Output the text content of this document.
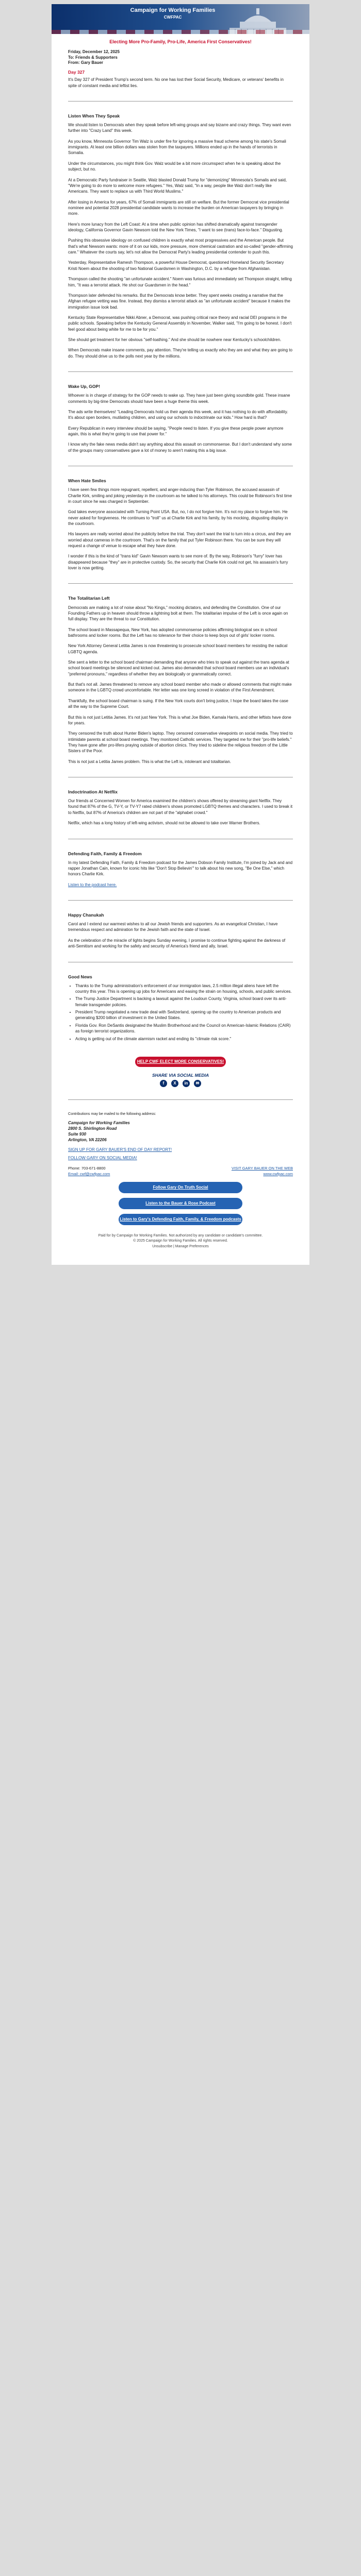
Campaign for Working Families
CWFPAC
Electing More Pro-Family, Pro-Life, America First Conservatives!
Friday, December 12, 2025
To: Friends & Supporters
From: Gary Bauer
Day 327

It's Day 327 of President Trump's second term. No one has lost their Social Security, Medicare, or veterans' benefits in spite of constant media and leftist lies.

Listen When They Speak

We should listen to Democrats when they speak before left-wing groups and say bizarre and crazy things. They want even further into "Crazy Land" this week.

As you know, Minnesota Governor Tim Walz is under fire for ignoring a massive fraud scheme among his state's Somali immigrants. At least one billion dollars was stolen from the taxpayers. Millions ended up in the hands of terrorists in Somalia.

Under the circumstances, you might think Gov. Walz would be a bit more circumspect when he is speaking about the subject, but no.

At a Democratic Party fundraiser in Seattle, Walz blasted Donald Trump for "demonizing" Minnesota's Somalis and said, "We're going to do more to welcome more refugees." Yes, Walz said, "In a way, people like Walz don't really like Americans. They want to replace us with Third World Muslims."

After losing in America for years, 67% of Somali immigrants are still on welfare. But the former Democrat vice presidential nominee and potential 2028 presidential candidate wants to increase the burden on American taxpayers by bringing in more.

Here's more lunacy from the Left Coast: At a time when public opinion has shifted dramatically against transgender ideology, California Governor Gavin Newsom told the New York Times, "I want to see (trans) face-to-face." Disgusting.

Pushing this obsessive ideology on confused children is exactly what most progressives and the American people. But that's what Newsom wants: more of it on our kids, more pressure, more chemical castration and so-called "gender-affirming care." Whatever the courts say, let's not allow the Democrat Party's leading presidential contender to push this.

Yesterday, Representative Ramesh Thompson, a powerful House Democrat, questioned Homeland Security Secretary Kristi Noem about the shooting of two National Guardsmen in Washington, D.C. by a refugee from Afghanistan.

Thompson called the shooting "an unfortunate accident." Noem was furious and immediately set Thompson straight, telling him, "It was a terrorist attack. He shot our Guardsmen in the head."

Thompson later defended his remarks. But the Democrats know better. They spent weeks creating a narrative that the Afghan refugee vetting was fine. Instead, they dismiss a terrorist attack as "an unfortunate accident" because it makes the immigration issue look bad.

Kentucky State Representative Nikki Abner, a Democrat, was pushing critical race theory and racial DEI programs in the public schools. Speaking before the Kentucky General Assembly in November, Walker said, "I'm going to be honest. I don't feel good about being white for me to be for you."

She should get treatment for her obvious "self-loathing." And she should be nowhere near Kentucky's schoolchildren.

When Democrats make insane comments, pay attention. They're telling us exactly who they are and what they are going to do. They should drive us to the polls next year by the millions.

Wake Up, GOP!

Whoever is in charge of strategy for the GOP needs to wake up. They have just been giving soundbite gold. These insane comments by big-time Democrats should have been a huge theme this week.

The ads write themselves! "Leading Democrats hold us their agenda this week, and it has nothing to do with affordability. It's about open borders, mutilating children, and using our schools to indoctrinate our kids." How hard is that?

Every Republican in every interview should be saying, "People need to listen. If you give these people power anymore again, this is what they're going to use that power for."

I know why the fake news media didn't say anything about this assault on commonsense. But I don't understand why some of the groups many conservatives gave a lot of money to aren't making this a big issue.

When Hate Smiles

I have seen few things more repugnant, repellent, and anger-inducing than Tyler Robinson, the accused assassin of Charlie Kirk, smiling and joking yesterday in the courtroom as he talked to his attorneys. This could be Robinson's first time in court since he was charged in September.

God takes everyone associated with Turning Point USA. But, no, I do not forgive him. It's not my place to forgive him. He never asked for forgiveness. He continues to "troll" us at Charlie Kirk and his family, by his mocking, disgusting display in the courtroom.

His lawyers are really worried about the publicity before the trial. They don't want the trial to turn into a circus, and they are worried about cameras in the courtroom. That's on the family that put Tyler Robinson there. You can be sure they will request a change of venue to escape what they have done.

I wonder if this is the kind of "trans kid" Gavin Newsom wants to see more of. By the way, Robinson's "furry" lover has disappeared because "they" are in protective custody. So, the security that Charlie Kirk could not get, his assassin's furry lover is now getting.

The Totalitarian Left

Democrats are making a lot of noise about "No Kings," mocking dictators, and defending the Constitution. One of our Founding Fathers up in heaven should throw a lightning bolt at them. The totalitarian impulse of the Left is once again on full display. They are the threat to our Constitution.

The school board in Massapequa, New York, has adopted commonsense policies affirming biological sex in school bathrooms and locker rooms. But the Left has no tolerance for their choice to keep boys out of girls' locker rooms.

New York Attorney General Letitia James is now threatening to prosecute school board members for resisting the radical LGBTQ agenda.

She sent a letter to the school board chairman demanding that anyone who tries to speak out against the trans agenda at school board meetings be silenced and kicked out. James also demanded that school board members use an individual's "preferred pronouns," regardless of whether they are biologically or grammatically correct.

But that's not all. James threatened to remove any school board member who made or allowed comments that might make someone in the LGBTQ crowd uncomfortable. Her letter was one long screed in violation of the First Amendment.

Thankfully, the school board chairman is suing. If the New York courts don't bring justice, I hope the board takes the case all the way to the Supreme Court.

But this is not just Letitia James. It's not just New York. This is what Joe Biden, Kamala Harris, and other leftists have done for years.

They censored the truth about Hunter Biden's laptop. They censored conservative viewpoints on social media. They tried to intimidate parents at school board meetings. They monitored Catholic services. They targeted me for their "pro-life beliefs." They have gone after pro-lifers praying outside of abortion clinics. They tried to sideline the religious freedom of the Little Sisters of the Poor.

This is not just a Letitia James problem. This is what the Left is, intolerant and totalitarian.

Indoctrination At Netflix

Our friends at Concerned Women for America examined the children's shows offered by streaming giant Netflix. They found that 87% of the G, TV-Y, or TV-Y7 rated children's shows promoted LGBTQ themes and characters. I used to break it to Netflix, but 87% of America's children are not part of the "alphabet crowd."

Netflix, which has a long history of left-wing activism, should not be allowed to take over Warner Brothers.

Defending Faith, Family & Freedom

In my latest Defending Faith, Family & Freedom podcast for the James Dobson Family Institute, I'm joined by Jack and and rapper Jonathan Cain, known for iconic hits like "Don't Stop Believin'" to talk about his new song, "Be One Else," which honors Charlie Kirk.

Listen to the podcast here.
Happy Chanukah

Carol and I extend our warmest wishes to all our Jewish friends and supporters. As an evangelical Christian, I have tremendous respect and admiration for the Jewish faith and the state of Israel.

As the celebration of the miracle of lights begins Sunday evening, I promise to continue fighting against the darkness of anti-Semitism and working for the safety and security of America's friend and ally, Israel.

Good News
• Thanks to the Trump administration's enforcement of our immigration laws, 2.5 million illegal aliens have left the country this year. This is opening up jobs for Americans and easing the strain on housing, schools, and public services.
• The Trump Justice Department is backing a lawsuit against the Loudoun County, Virginia, school board over its anti-female transgender policies.
• President Trump negotiated a new trade deal with Switzerland, opening up the country to American products and generating $200 billion of investment in the United States.
• Florida Gov. Ron DeSantis designated the Muslim Brotherhood and the Council on American-Islamic Relations (CAIR) as foreign terrorist organizations.
• Acting is getting out of the climate alarmism racket and ending its "climate risk score."
HELP CWF ELECT MORE CONSERVATIVES!
SHARE VIA SOCIAL MEDIA
f	X	in	✉
Contributions may be mailed to the following address:
Campaign for Working Families
2800 S. Shirlington Road
Suite 930
Arlington, VA 22206
SIGN UP FOR GARY BAUER'S END OF DAY REPORT!
FOLLOW GARY ON SOCIAL MEDIA!
Phone: 703-671-8800
Email: cwf@cwfpac.com
VISIT GARY BAUER ON THE WEB
www.cwfpac.com
Follow Gary On Truth Social
Listen to the Bauer & Rose Podcast
Listen to Gary's Defending Faith, Family, & Freedom podcasts
Paid for by Campaign for Working Families. Not authorized by any candidate or candidate's committee.
© 2025 Campaign for Working Families. All rights reserved.
Unsubscribe | Manage Preferences
